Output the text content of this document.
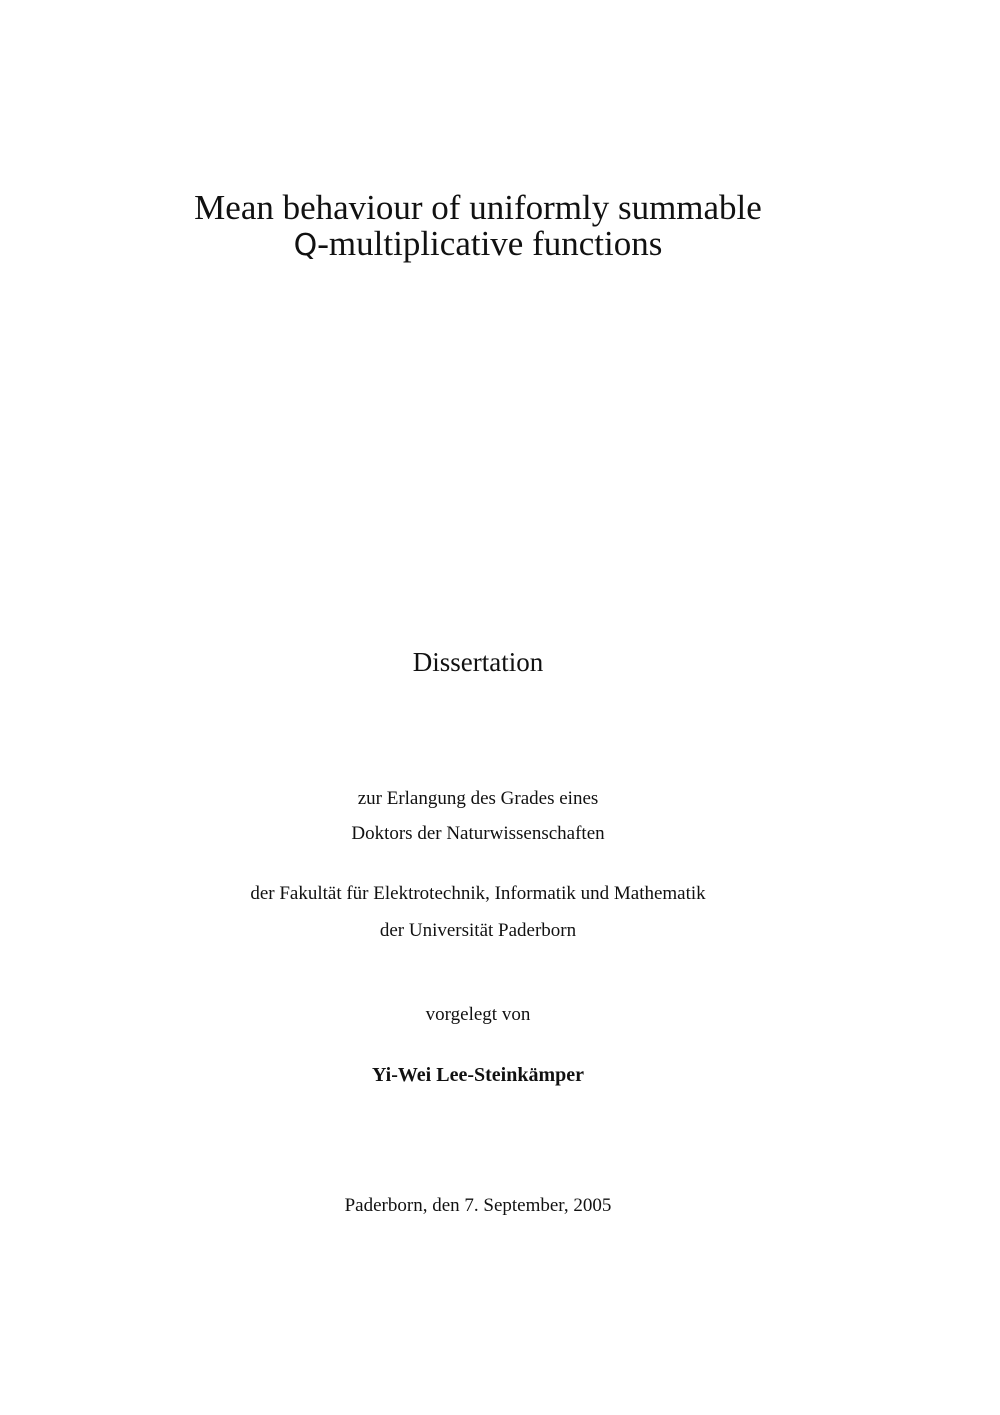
Mean behaviour of uniformly summable
Q-multiplicative functions
Dissertation
zur Erlangung des Grades eines
Doktors der Naturwissenschaften
der Fakultät für Elektrotechnik, Informatik und Mathematik
der Universität Paderborn
vorgelegt von
Yi-Wei Lee-Steinkämper
Paderborn, den 7. September, 2005
